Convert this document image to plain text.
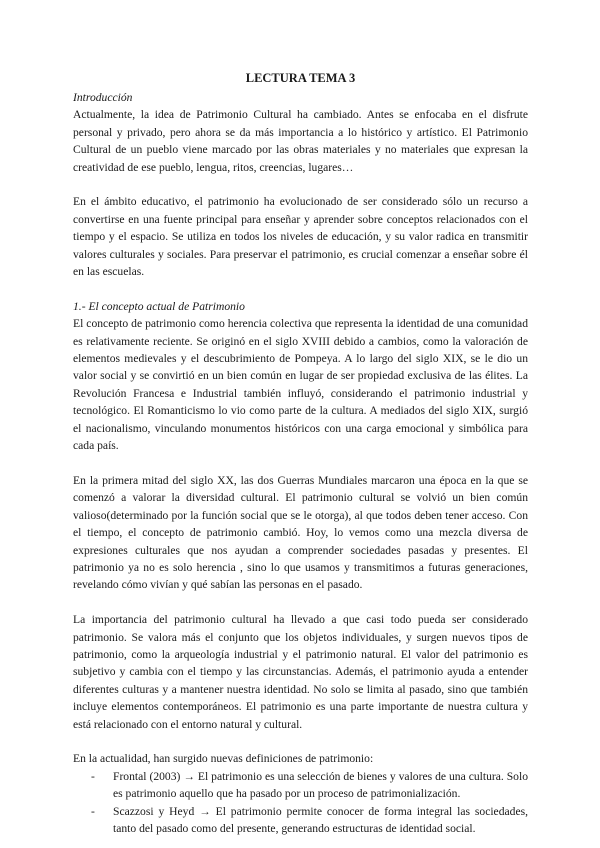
LECTURA TEMA 3
Introducción

Actualmente, la idea de Patrimonio Cultural ha cambiado. Antes se enfocaba en el disfrute personal y privado, pero ahora se da más importancia a lo histórico y artístico. El Patrimonio Cultural de un pueblo viene marcado por las obras materiales y no materiales que expresan la creatividad de ese pueblo, lengua, ritos, creencias, lugares…

En el ámbito educativo, el patrimonio ha evolucionado de ser considerado sólo un recurso a convertirse en una fuente principal para enseñar y aprender sobre conceptos relacionados con el tiempo y el espacio. Se utiliza en todos los niveles de educación, y su valor radica en transmitir valores culturales y sociales. Para preservar el patrimonio, es crucial comenzar a enseñar sobre él en las escuelas.

1.- El concepto actual de Patrimonio

El concepto de patrimonio como herencia colectiva que representa la identidad de una comunidad es relativamente reciente. Se originó en el siglo XVIII debido a cambios, como la valoración de elementos medievales y el descubrimiento de Pompeya. A lo largo del siglo XIX, se le dio un valor social y se convirtió en un bien común en lugar de ser propiedad exclusiva de las élites. La Revolución Francesa e Industrial también influyó, considerando el patrimonio industrial y tecnológico. El Romanticismo lo vio como parte de la cultura. A mediados del siglo XIX, surgió el nacionalismo, vinculando monumentos históricos con una carga emocional y simbólica para cada país.

En la primera mitad del siglo XX, las dos Guerras Mundiales marcaron una época en la que se comenzó a valorar la diversidad cultural. El patrimonio cultural se volvió un bien común valioso(determinado por la función social que se le otorga), al que todos deben tener acceso. Con el tiempo, el concepto de patrimonio cambió. Hoy, lo vemos como una mezcla diversa de expresiones culturales que nos ayudan a comprender sociedades pasadas y presentes. El patrimonio ya no es solo herencia , sino lo que usamos y transmitimos a futuras generaciones, revelando cómo vivían y qué sabían las personas en el pasado.

La importancia del patrimonio cultural ha llevado a que casi todo pueda ser considerado patrimonio. Se valora más el conjunto que los objetos individuales, y surgen nuevos tipos de patrimonio, como la arqueología industrial y el patrimonio natural. El valor del patrimonio es subjetivo y cambia con el tiempo y las circunstancias. Además, el patrimonio ayuda a entender diferentes culturas y a mantener nuestra identidad. No solo se limita al pasado, sino que también incluye elementos contemporáneos. El patrimonio es una parte importante de nuestra cultura y está relacionado con el entorno natural y cultural.

En la actualidad, han surgido nuevas definiciones de patrimonio:

- Frontal (2003) → El patrimonio es una selección de bienes y valores de una cultura. Solo es patrimonio aquello que ha pasado por un proceso de patrimonialización.
- Scazzosi y Heyd → El patrimonio permite conocer de forma integral las sociedades, tanto del pasado como del presente, generando estructuras de identidad social.
